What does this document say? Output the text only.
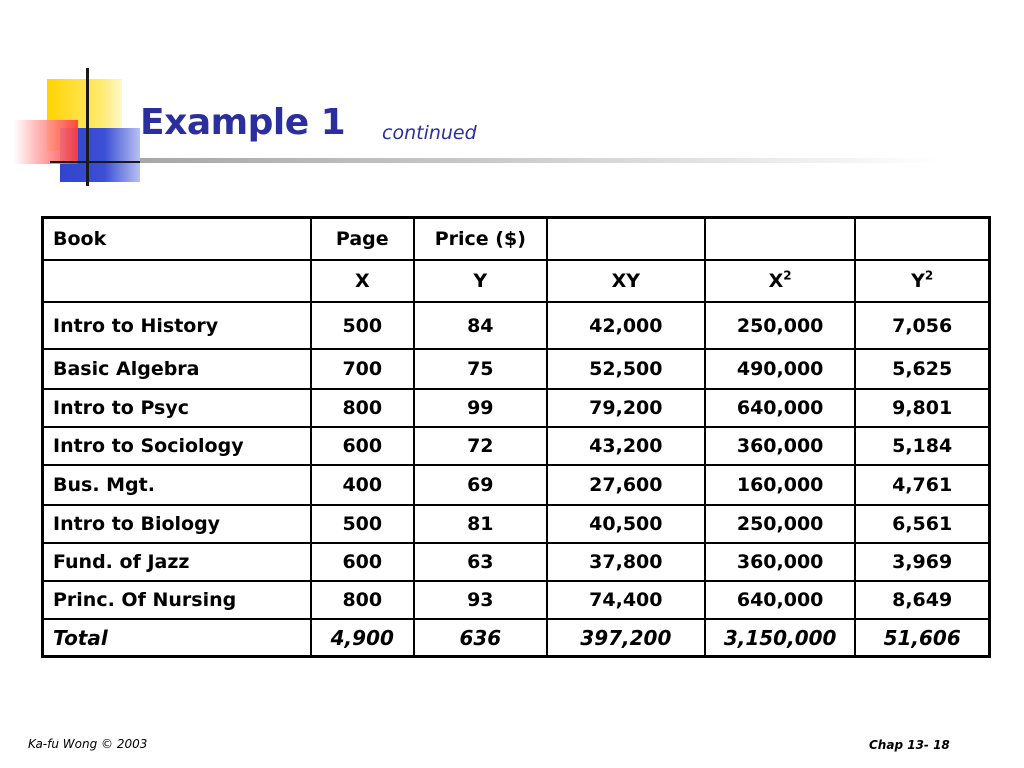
Example 1 continued
Book	Page	Price ($)			
	X	Y	XY	$X^2$	$Y^2$
Intro to History	500	84	42,000	250,000	7,056
Basic Algebra	700	75	52,500	490,000	5,625
Intro to Psyc	800	99	79,200	640,000	9,801
Intro to Sociology	600	72	43,200	360,000	5,184
Bus. Mgt.	400	69	27,600	160,000	4,761
Intro to Biology	500	81	40,500	250,000	6,561
Fund. of Jazz	600	63	37,800	360,000	3,969
Princ. Of Nursing	800	93	74,400	640,000	8,649
Total	4,900	636	397,200	3,150,000	51,606
Ka-fu Wong © 2003	Chap 13- 18
